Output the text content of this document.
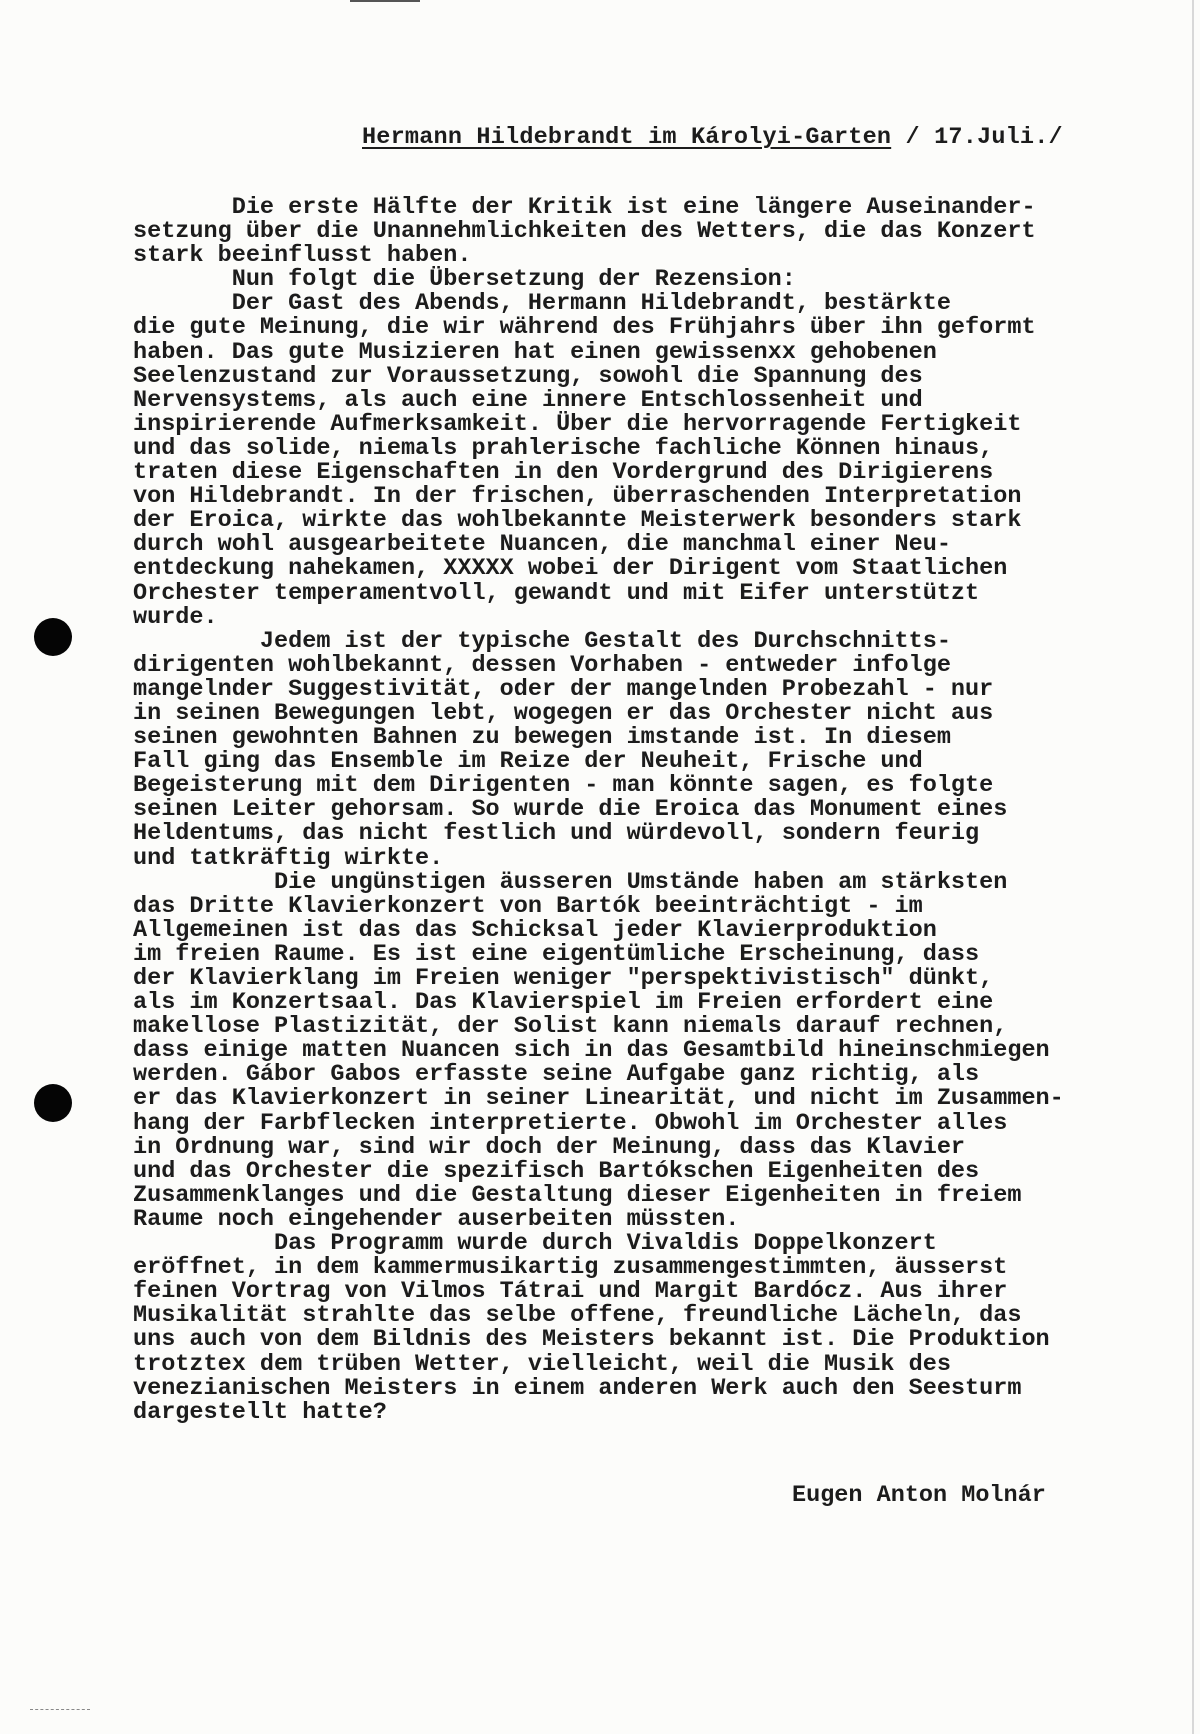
Hermann Hildebrandt im Károlyi-Garten / 17.Juli./
Die erste Hälfte der Kritik ist eine längere Auseinander-
setzung über die Unannehmlichkeiten des Wetters, die das Konzert
stark beeinflusst haben.
Nun folgt die Übersetzung der Rezension:
Der Gast des Abends, Hermann Hildebrandt, bestärkte
die gute Meinung, die wir während des Frühjahrs über ihn geformt
haben. Das gute Musizieren hat einen gewissenxx gehobenen
Seelenzustand zur Voraussetzung, sowohl die Spannung des
Nervensystems, als auch eine innere Entschlossenheit und
inspirierende Aufmerksamkeit. Über die hervorragende Fertigkeit
und das solide, niemals prahlerische fachliche Können hinaus,
traten diese Eigenschaften in den Vordergrund des Dirigierens
von Hildebrandt. In der frischen, überraschenden Interpretation
der Eroica, wirkte das wohlbekannte Meisterwerk besonders stark
durch wohl ausgearbeitete Nuancen, die manchmal einer Neu-
entdeckung nahekamen, XXXXX wobei der Dirigent vom Staatlichen
Orchester temperamentvoll, gewandt und mit Eifer unterstützt
wurde.
Jedem ist der typische Gestalt des Durchschnitts-
dirigenten wohlbekannt, dessen Vorhaben - entweder infolge
mangelnder Suggestivität, oder der mangelnden Probezahl - nur
in seinen Bewegungen lebt, wogegen er das Orchester nicht aus
seinen gewohnten Bahnen zu bewegen imstande ist. In diesem
Fall ging das Ensemble im Reize der Neuheit, Frische und
Begeisterung mit dem Dirigenten - man könnte sagen, es folgte
seinen Leiter gehorsam. So wurde die Eroica das Monument eines
Heldentums, das nicht festlich und würdevoll, sondern feurig
und tatkräftig wirkte.
Die ungünstigen äusseren Umstände haben am stärksten
das Dritte Klavierkonzert von Bartók beeinträchtigt - im
Allgemeinen ist das das Schicksal jeder Klavierproduktion
im freien Raume. Es ist eine eigentümliche Erscheinung, dass
der Klavierklang im Freien weniger "perspektivistisch" dünkt,
als im Konzertsaal. Das Klavierspiel im Freien erfordert eine
makellose Plastizität, der Solist kann niemals darauf rechnen,
dass einige matten Nuancen sich in das Gesamtbild hineinschmiegen
werden. Gábor Gabos erfasste seine Aufgabe ganz richtig, als
er das Klavierkonzert in seiner Linearität, und nicht im Zusammen-
hang der Farbflecken interpretierte. Obwohl im Orchester alles
in Ordnung war, sind wir doch der Meinung, dass das Klavier
und das Orchester die spezifisch Bartókschen Eigenheiten des
Zusammenklanges und die Gestaltung dieser Eigenheiten in freiem
Raume noch eingehender auserbeiten müssten.
Das Programm wurde durch Vivaldis Doppelkonzert
eröffnet, in dem kammermusikartig zusammengestimmten, äusserst
feinen Vortrag von Vilmos Tátrai und Margit Bardócz. Aus ihrer
Musikalität strahlte das selbe offene, freundliche Lächeln, das
uns auch von dem Bildnis des Meisters bekannt ist. Die Produktion
trotztex dem trüben Wetter, vielleicht, weil die Musik des
venezianischen Meisters in einem anderen Werk auch den Seesturm
dargestellt hatte?

Eugen Anton Molnár
